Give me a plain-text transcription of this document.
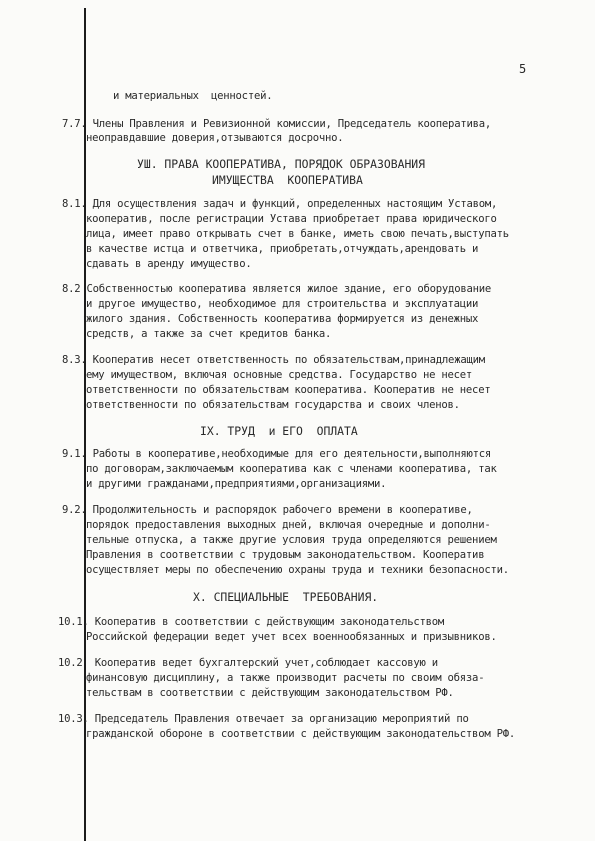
5
и материальных  ценностей.
7.7. Члены Правления и Ревизионной комиссии, Председатель кооператива,
неоправдавшие доверия,отзываются досрочно.
УШ. ПРАВА КООПЕРАТИВА, ПОРЯДОК ОБРАЗОВАНИЯ
ИМУЩЕСТВА  КООПЕРАТИВА
8.1. Для осуществления задач и функций, определенных настоящим Уставом,
кооператив, после регистрации Устава приобретает права юридического
лица, имеет право открывать счет в банке, иметь свою печать,выступать
в качестве истца и ответчика, приобретать,отчуждать,арендовать и
сдавать в аренду имущество.
8.2 Собственностью кооператива является жилое здание, его оборудование
и другое имущество, необходимое для строительства и эксплуатации
жилого здания. Собственность кооператива формируется из денежных
средств, а также за счет кредитов банка.
8.3. Кооператив несет ответственность по обязательствам,принадлежащим
ему имуществом, включая основные средства. Государство не несет
ответственности по обязательствам кооператива. Кооператив не несет
ответственности по обязательствам государства и своих членов.
IX. ТРУД  и ЕГО  ОПЛАТА
9.1. Работы в кооперативе,необходимые для его деятельности,выполняются
по договорам,заключаемым кооператива как с членами кооператива, так
и другими гражданами,предприятиями,организациями.
9.2. Продолжительность и распорядок рабочего времени в кооперативе,
порядок предоставления выходных дней, включая очередные и дополни-
тельные отпуска, а также другие условия труда определяются решением
Правления в соответствии с трудовым законодательством. Кооператив
осуществляет меры по обеспечению охраны труда и техники безопасности.
Х. СПЕЦИАЛЬНЫЕ  ТРЕБОВАНИЯ.
10.1. Кооператив в соответствии с действующим законодательством
Российской федерации ведет учет всех военнообязанных и призывников.
10.2  Кооператив ведет бухгалтерский учет,соблюдает кассовую и
финансовую дисциплину, а также производит расчеты по своим обяза-
тельствам в соответствии с действующим законодательством РФ.
10.3. Председатель Правления отвечает за организацию мероприятий по
гражданской обороне в соответствии с действующим законодательством РФ.
